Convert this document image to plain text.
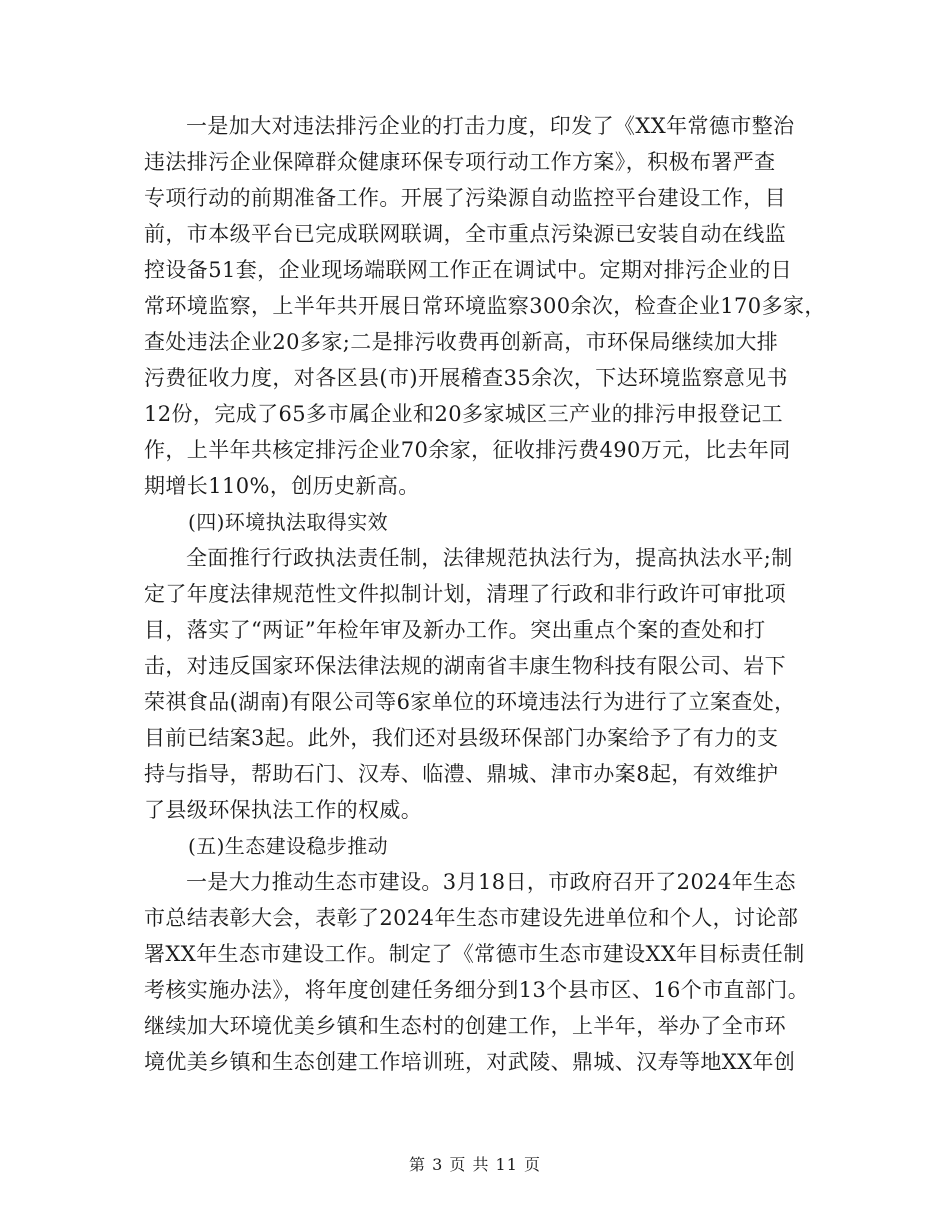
一是加大对违法排污企业的打击力度，印发了《XX年常德市整治
违法排污企业保障群众健康环保专项行动工作方案》，积极布署严查
专项行动的前期准备工作。开展了污染源自动监控平台建设工作，目
前，市本级平台已完成联网联调，全市重点污染源已安装自动在线监
控设备51套，企业现场端联网工作正在调试中。定期对排污企业的日
常环境监察，上半年共开展日常环境监察300余次，检查企业170多家，
查处违法企业20多家;二是排污收费再创新高，市环保局继续加大排
污费征收力度，对各区县(市)开展稽查35余次，下达环境监察意见书
12份，完成了65多市属企业和20多家城区三产业的排污申报登记工
作，上半年共核定排污企业70余家，征收排污费490万元，比去年同
期增长110%，创历史新高。
(四)环境执法取得实效
全面推行行政执法责任制，法律规范执法行为，提高执法水平;制
定了年度法律规范性文件拟制计划，清理了行政和非行政许可审批项
目，落实了“两证”年检年审及新办工作。突出重点个案的查处和打
击，对违反国家环保法律法规的湖南省丰康生物科技有限公司、岩下
荣祺食品(湖南)有限公司等6家单位的环境违法行为进行了立案查处，
目前已结案3起。此外，我们还对县级环保部门办案给予了有力的支
持与指导，帮助石门、汉寿、临澧、鼎城、津市办案8起，有效维护
了县级环保执法工作的权威。
(五)生态建设稳步推动
一是大力推动生态市建设。3月18日，市政府召开了2024年生态
市总结表彰大会，表彰了2024年生态市建设先进单位和个人，讨论部
署XX年生态市建设工作。制定了《常德市生态市建设XX年目标责任制
考核实施办法》，将年度创建任务细分到13个县市区、16个市直部门。
继续加大环境优美乡镇和生态村的创建工作，上半年，举办了全市环
境优美乡镇和生态创建工作培训班，对武陵、鼎城、汉寿等地XX年创
第 3 页 共 11 页
